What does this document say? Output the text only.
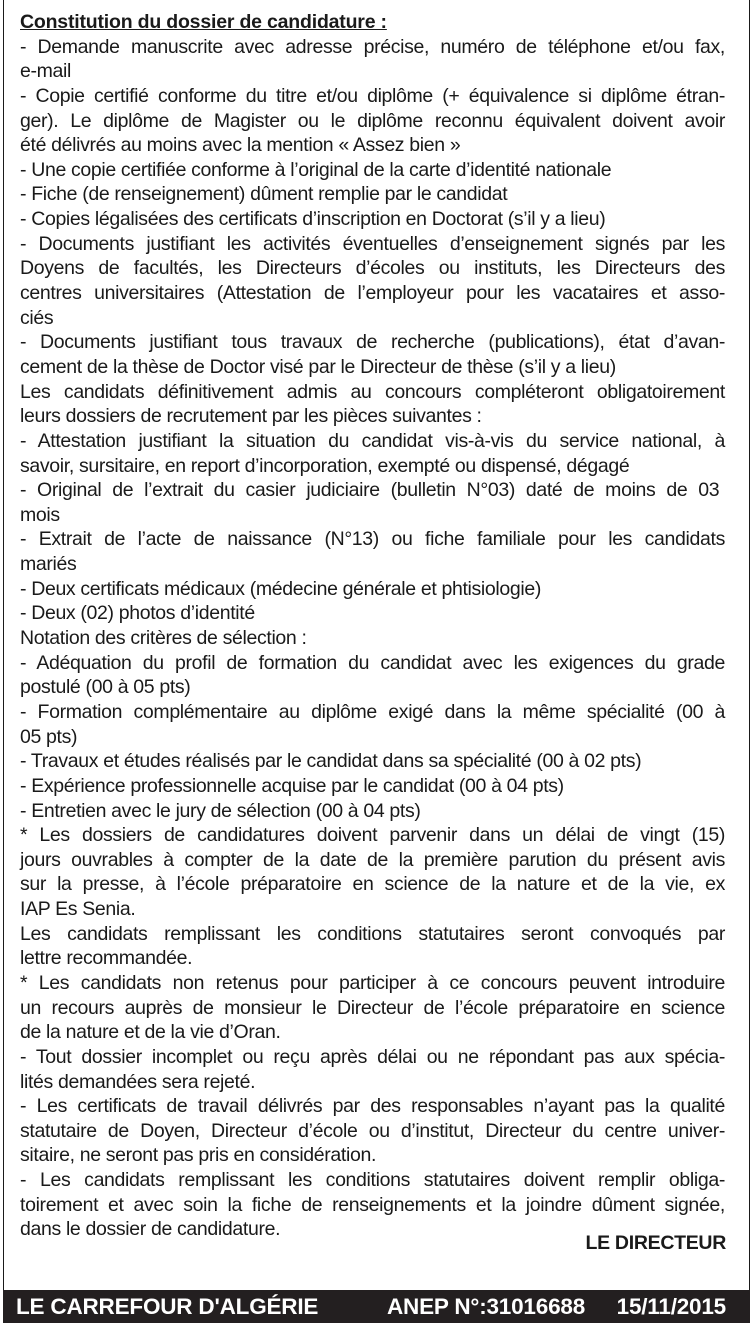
Constitution du dossier de candidature :
- Demande manuscrite avec adresse précise, numéro de téléphone et/ou fax,
e-mail
- Copie certifié conforme du titre et/ou diplôme (+ équivalence si diplôme étran-
ger). Le diplôme de Magister ou le diplôme reconnu équivalent doivent avoir
été délivrés au moins avec la mention « Assez bien »
- Une copie certifiée conforme à l’original de la carte d’identité nationale
- Fiche (de renseignement) dûment remplie par le candidat
- Copies légalisées des certificats d’inscription en Doctorat (s’il y a lieu)
- Documents justifiant les activités éventuelles d’enseignement signés par les
Doyens de facultés, les Directeurs d’écoles ou instituts, les Directeurs des
centres universitaires (Attestation de l’employeur pour les vacataires et asso-
ciés
- Documents justifiant tous travaux de recherche (publications), état d’avan-
cement de la thèse de Doctor visé par le Directeur de thèse (s’il y a lieu)
Les candidats définitivement admis au concours compléteront obligatoirement
leurs dossiers de recrutement par les pièces suivantes :
- Attestation justifiant la situation du candidat vis-à-vis du service national, à
savoir, sursitaire, en report d’incorporation, exempté ou dispensé, dégagé
- Original de l’extrait du casier judiciaire (bulletin N°03) daté de moins de 03
mois
- Extrait de l’acte de naissance (N°13) ou fiche familiale pour les candidats
mariés
- Deux certificats médicaux (médecine générale et phtisiologie)
- Deux (02) photos d’identité
Notation des critères de sélection :
- Adéquation du profil de formation du candidat avec les exigences du grade
postulé (00 à 05 pts)
- Formation complémentaire au diplôme exigé dans la même spécialité (00 à
05 pts)
- Travaux et études réalisés par le candidat dans sa spécialité (00 à 02 pts)
- Expérience professionnelle acquise par le candidat (00 à 04 pts)
- Entretien avec le jury de sélection (00 à 04 pts)
* Les dossiers de candidatures doivent parvenir dans un délai de vingt (15)
jours ouvrables à compter de la date de la première parution du présent avis
sur la presse, à l’école préparatoire en science de la nature et de la vie, ex
IAP Es Senia.
Les candidats remplissant les conditions statutaires seront convoqués par
lettre recommandée.
* Les candidats non retenus pour participer à ce concours peuvent introduire
un recours auprès de monsieur le Directeur de l’école préparatoire en science
de la nature et de la vie d’Oran.
- Tout dossier incomplet ou reçu après délai ou ne répondant pas aux spécia-
lités demandées sera rejeté.
- Les certificats de travail délivrés par des responsables n’ayant pas la qualité
statutaire de Doyen, Directeur d’école ou d’institut, Directeur du centre univer-
sitaire, ne seront pas pris en considération.
- Les candidats remplissant les conditions statutaires doivent remplir obliga-
toirement et avec soin la fiche de renseignements et la joindre dûment signée,
dans le dossier de candidature.
LE DIRECTEUR
LE CARREFOUR D'ALGÉRIE	ANEP N°:31016688 15/11/2015
